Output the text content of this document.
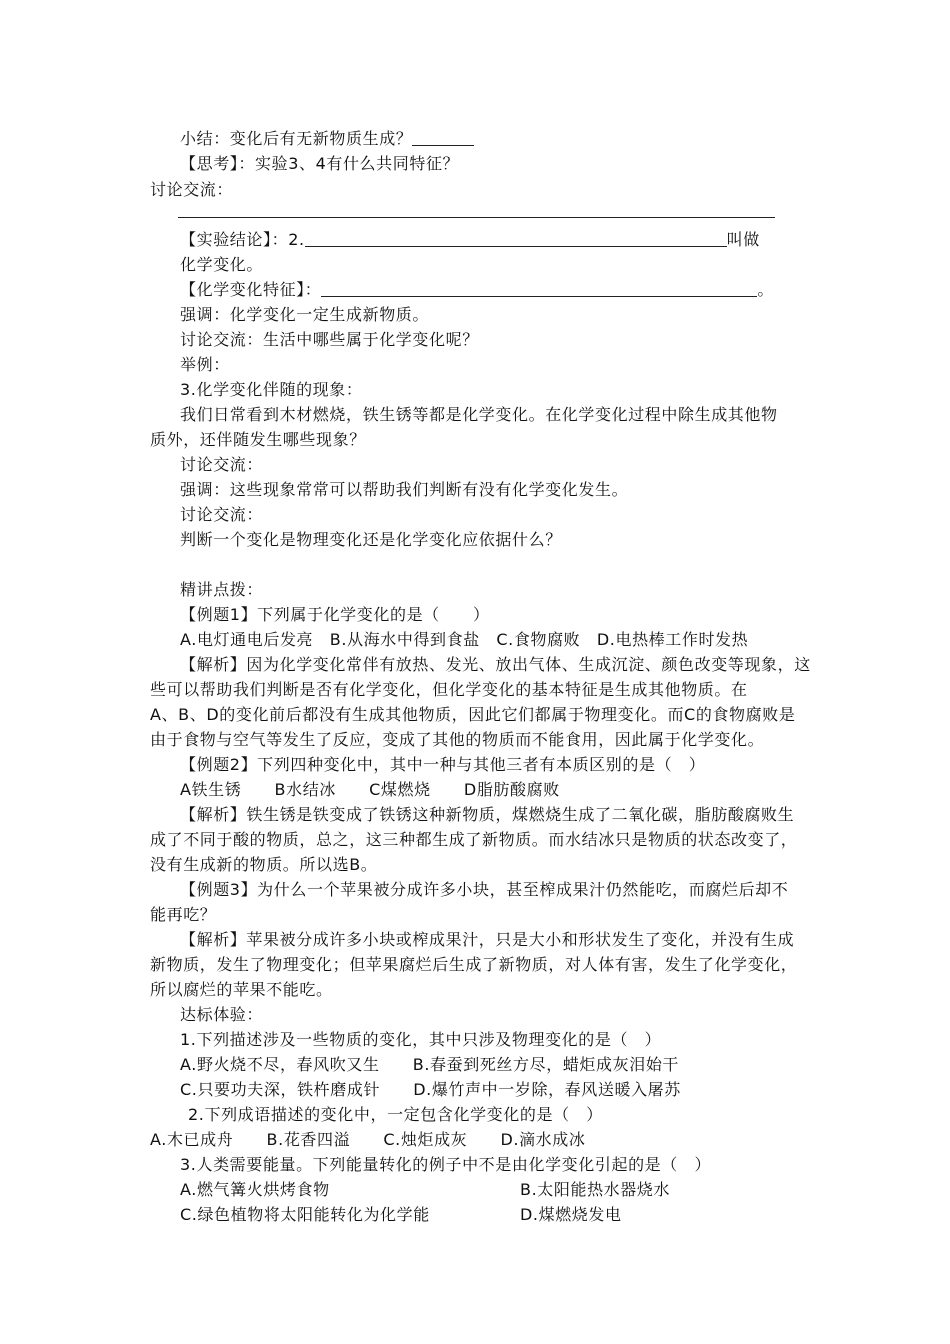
小结：变化后有无新物质生成？
【思考】：实验3、4有什么共同特征？
讨论交流：
【实验结论】：2.	叫做
化学变化。
【化学变化特征】：	。
强调：化学变化一定生成新物质。
讨论交流：生活中哪些属于化学变化呢？
举例：
3.化学变化伴随的现象：
我们日常看到木材燃烧，铁生锈等都是化学变化。在化学变化过程中除生成其他物
质外，还伴随发生哪些现象？
讨论交流：
强调：这些现象常常可以帮助我们判断有没有化学变化发生。
讨论交流：
判断一个变化是物理变化还是化学变化应依据什么？
精讲点拨：
【例题1】下列属于化学变化的是（　　）
A.电灯通电后发亮　B.从海水中得到食盐　C.食物腐败　D.电热棒工作时发热
【解析】因为化学变化常伴有放热、发光、放出气体、生成沉淀、颜色改变等现象，这
些可以帮助我们判断是否有化学变化，但化学变化的基本特征是生成其他物质。在
A、B、D的变化前后都没有生成其他物质，因此它们都属于物理变化。而C的食物腐败是
由于食物与空气等发生了反应，变成了其他的物质而不能食用，因此属于化学变化。
【例题2】下列四种变化中，其中一种与其他三者有本质区别的是（　）
A铁生锈　　B水结冰　　C煤燃烧　　D脂肪酸腐败
【解析】铁生锈是铁变成了铁锈这种新物质，煤燃烧生成了二氧化碳，脂肪酸腐败生
成了不同于酸的物质，总之，这三种都生成了新物质。而水结冰只是物质的状态改变了，
没有生成新的物质。所以选B。
【例题3】为什么一个苹果被分成许多小块，甚至榨成果汁仍然能吃，而腐烂后却不
能再吃？
【解析】苹果被分成许多小块或榨成果汁，只是大小和形状发生了变化，并没有生成
新物质，发生了物理变化；但苹果腐烂后生成了新物质，对人体有害，发生了化学变化，
所以腐烂的苹果不能吃。
达标体验：
1.下列描述涉及一些物质的变化，其中只涉及物理变化的是（　）
A.野火烧不尽，春风吹又生　　B.春蚕到死丝方尽，蜡炬成灰泪始干
C.只要功夫深，铁杵磨成针　　D.爆竹声中一岁除，春风送暖入屠苏
2.下列成语描述的变化中，一定包含化学变化的是（　）
A.木已成舟　　B.花香四溢　　C.烛炬成灰　　D.滴水成冰
3.人类需要能量。下列能量转化的例子中不是由化学变化引起的是（　）
A.燃气篝火烘烤食物	B.太阳能热水器烧水
C.绿色植物将太阳能转化为化学能	D.煤燃烧发电
